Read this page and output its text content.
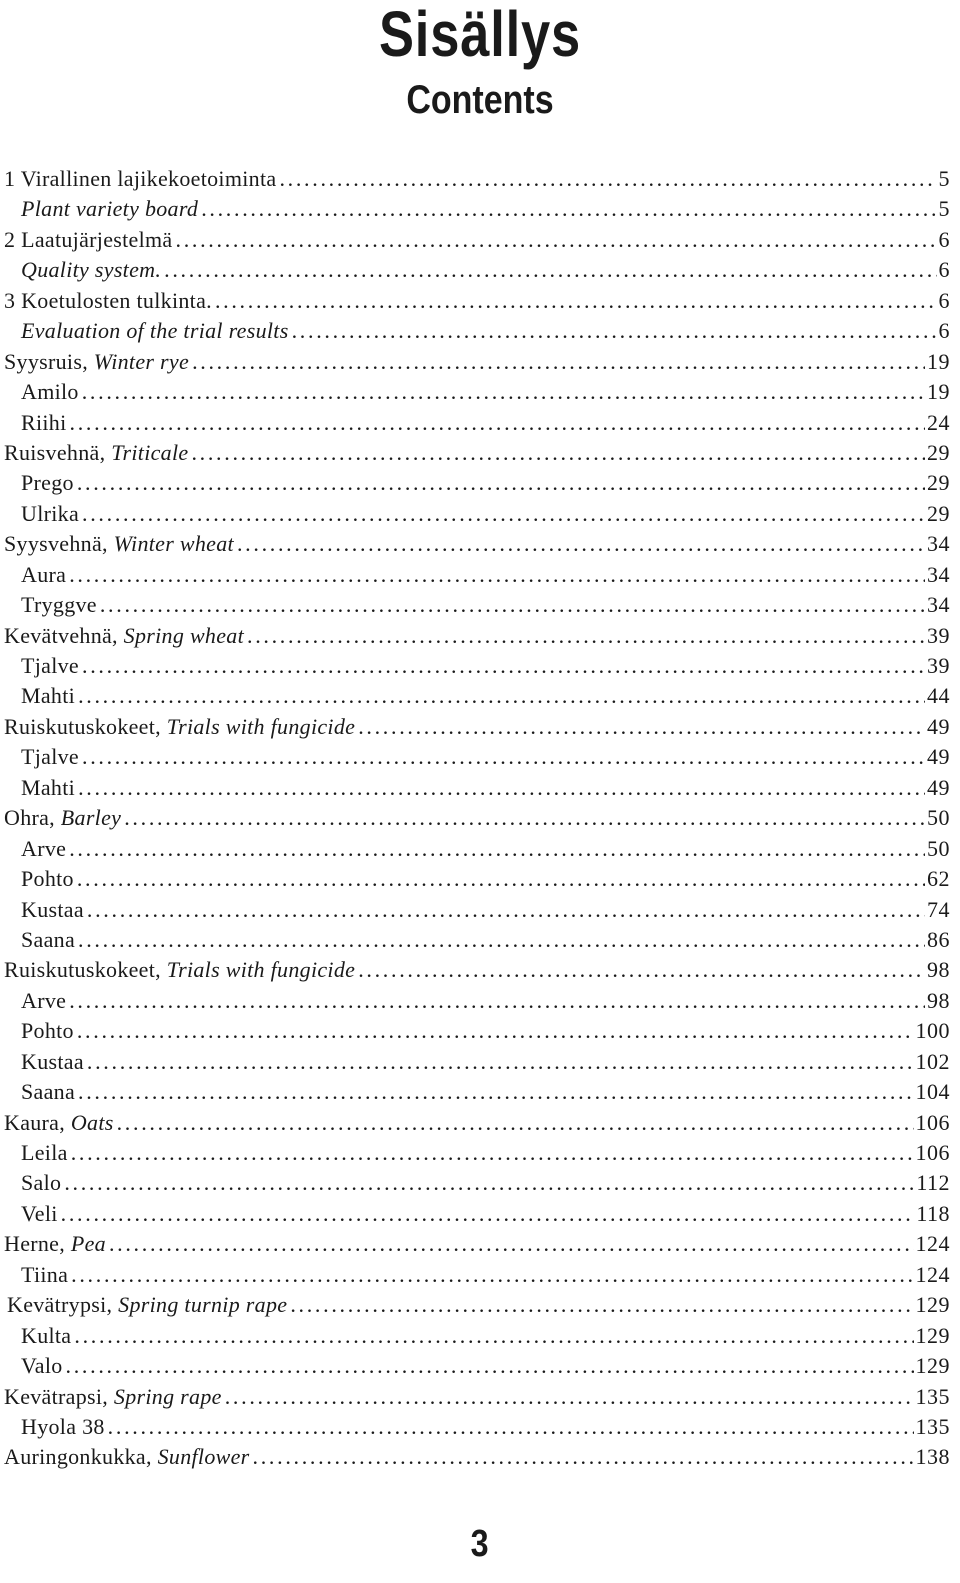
Sisällys
Contents
1 Virallinen lajikekoetoiminta . . .	5
Plant variety board . . .	5
2 Laatujärjestelmä . . .	6
Quality system. . . .	6
3 Koetulosten tulkinta. . . .	6
Evaluation of the trial results . . .	6
Syysruis, Winter rye . . .	19
Amilo . . .	19
Riihi . . .	24
Ruisvehnä, Triticale . . .	29
Prego . . .	29
Ulrika . . .	29
Syysvehnä, Winter wheat . . .	34
Aura . . .	34
Tryggve . . .	34
Kevätvehnä, Spring wheat . . .	39
Tjalve . . .	39
Mahti . . .	44
Ruiskutuskokeet, Trials with fungicide . . .	49
Tjalve . . .	49
Mahti . . .	49
Ohra, Barley . . .	50
Arve . . .	50
Pohto . . .	62
Kustaa . . .	74
Saana . . .	86
Ruiskutuskokeet, Trials with fungicide . . .	98
Arve . . .	98
Pohto . . .	100
Kustaa . . .	102
Saana . . .	104
Kaura, Oats . . .	106
Leila . . .	106
Salo . . .	112
Veli . . .	118
Herne, Pea . . .	124
Tiina . . .	124
Kevätrypsi, Spring turnip rape . . .	129
Kulta . . .	129
Valo . . .	129
Kevätrapsi, Spring rape . . .	135
Hyola 38 . . .	135
Auringonkukka, Sunflower . . .	138
3
